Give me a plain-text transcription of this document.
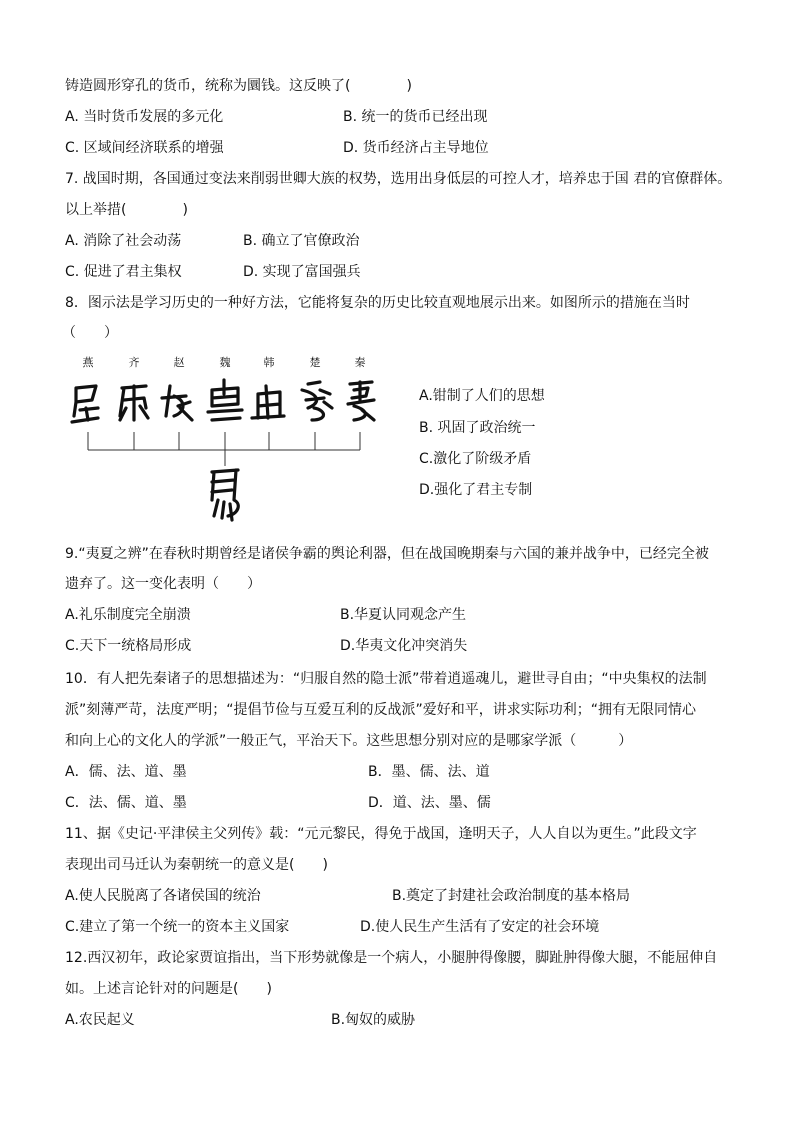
铸造圆形穿孔的货币，统称为圜钱。这反映了(　　　　)
A. 当时货币发展的多元化	B. 统一的货币已经出现
C. 区域间经济联系的增强	D. 货币经济占主导地位
7. 战国时期，各国通过变法来削弱世卿大族的权势，选用出身低层的可控人才，培养忠于国 君的官僚群体。
以上举措(　　　　)
A. 消除了社会动荡	B. 确立了官僚政治
C. 促进了君主集权	D. 实现了富国强兵
8．图示法是学习历史的一种好方法，它能将复杂的历史比较直观地展示出来。如图所示的措施在当时
（　　）
燕	齐	赵	魏	韩	楚	秦
A.钳制了人们的思想
B. 巩固了政治统一
C.激化了阶级矛盾
D.强化了君主专制
9.“夷夏之辨”在春秋时期曾经是诸侯争霸的舆论利器，但在战国晚期秦与六国的兼并战争中，已经完全被
遗弃了。这一变化表明（　　）
A.礼乐制度完全崩溃	B.华夏认同观念产生
C.天下一统格局形成	D.华夷文化冲突消失
10．有人把先秦诸子的思想描述为：“归服自然的隐士派”带着逍遥魂儿，避世寻自由；“中央集权的法制
派”刻薄严苛，法度严明；“提倡节俭与互爱互利的反战派”爱好和平，讲求实际功利；“拥有无限同情心
和向上心的文化人的学派”一般正气，平治天下。这些思想分别对应的是哪家学派（　　　）
A．儒、法、道、墨	B．墨、儒、法、道
C．法、儒、道、墨	D．道、法、墨、儒
11、据《史记·平津侯主父列传》载：“元元黎民，得免于战国，逢明天子，人人自以为更生。”此段文字
表现出司马迁认为秦朝统一的意义是(　　)
A.使人民脱离了各诸侯国的统治	B.奠定了封建社会政治制度的基本格局
C.建立了第一个统一的资本主义国家	D.使人民生产生活有了安定的社会环境
12.西汉初年，政论家贾谊指出，当下形势就像是一个病人，小腿肿得像腰，脚趾肿得像大腿，不能屈伸自
如。上述言论针对的问题是(　　)
A.农民起义	B.匈奴的威胁
